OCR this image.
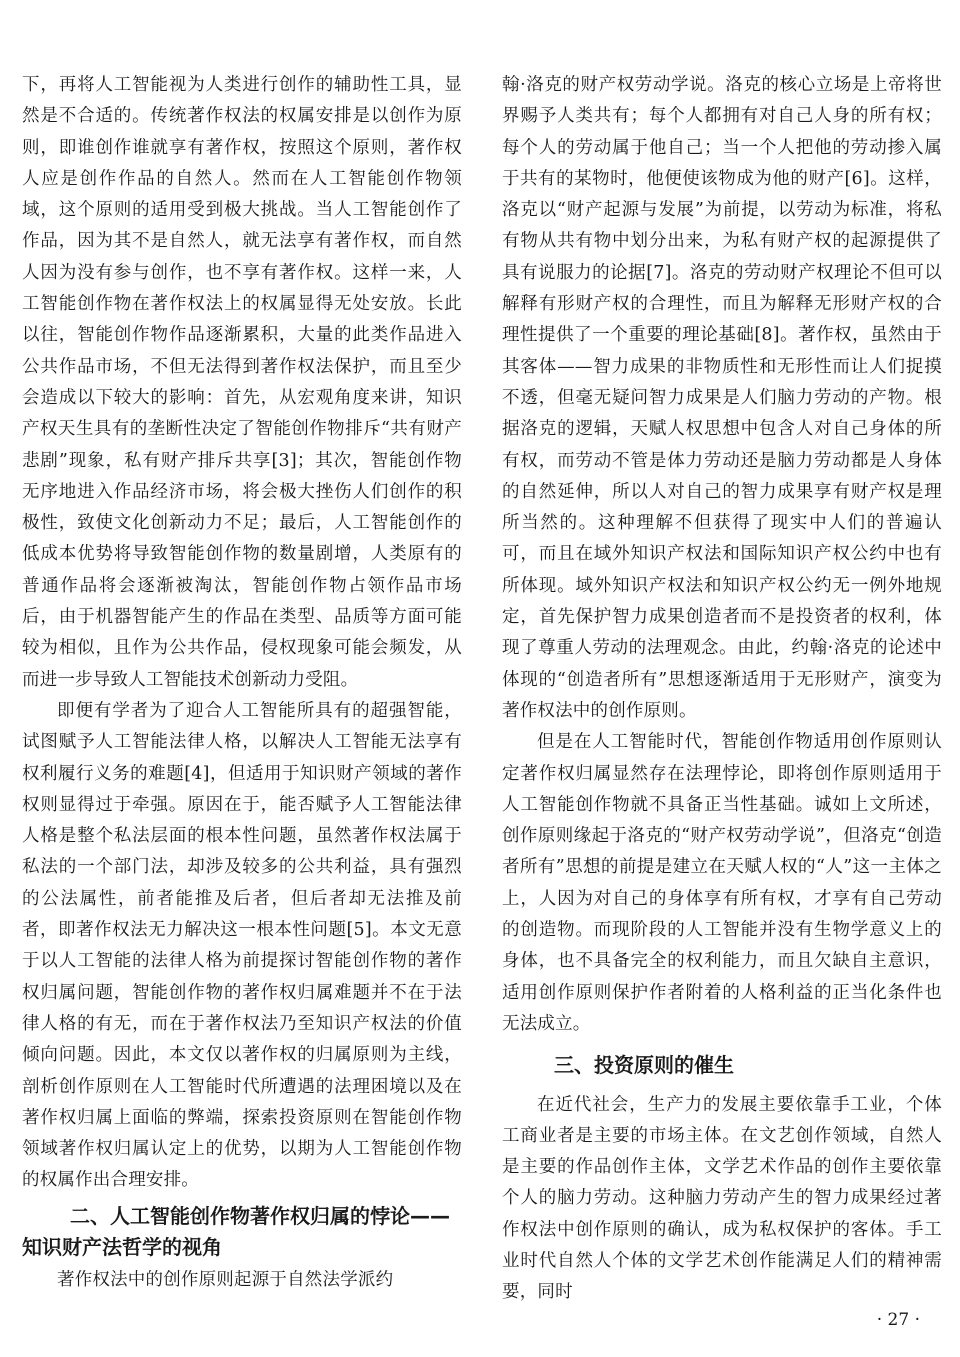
下，再将人工智能视为人类进行创作的辅助性工具，显然是不合适的。传统著作权法的权属安排是以创作为原则，即谁创作谁就享有著作权，按照这个原则，著作权人应是创作作品的自然人。然而在人工智能创作物领域，这个原则的适用受到极大挑战。当人工智能创作了作品，因为其不是自然人，就无法享有著作权，而自然人因为没有参与创作，也不享有著作权。这样一来，人工智能创作物在著作权法上的权属显得无处安放。长此以往，智能创作物作品逐渐累积，大量的此类作品进入公共作品市场，不但无法得到著作权法保护，而且至少会造成以下较大的影响：首先，从宏观角度来讲，知识产权天生具有的垄断性决定了智能创作物排斥“共有财产悲剧”现象，私有财产排斥共享[3]；其次，智能创作物无序地进入作品经济市场，将会极大挫伤人们创作的积极性，致使文化创新动力不足；最后，人工智能创作的低成本优势将导致智能创作物的数量剧增，人类原有的普通作品将会逐渐被淘汰，智能创作物占领作品市场后，由于机器智能产生的作品在类型、品质等方面可能较为相似，且作为公共作品，侵权现象可能会频发，从而进一步导致人工智能技术创新动力受阻。

即便有学者为了迎合人工智能所具有的超强智能，试图赋予人工智能法律人格，以解决人工智能无法享有权利履行义务的难题[4]，但适用于知识财产领域的著作权则显得过于牵强。原因在于，能否赋予人工智能法律人格是整个私法层面的根本性问题，虽然著作权法属于私法的一个部门法，却涉及较多的公共利益，具有强烈的公法属性，前者能推及后者，但后者却无法推及前者，即著作权法无力解决这一根本性问题[5]。本文无意于以人工智能的法律人格为前提探讨智能创作物的著作权归属问题，智能创作物的著作权归属难题并不在于法律人格的有无，而在于著作权法乃至知识产权法的价值倾向问题。因此，本文仅以著作权的归属原则为主线，剖析创作原则在人工智能时代所遭遇的法理困境以及在著作权归属上面临的弊端，探索投资原则在智能创作物领域著作权归属认定上的优势，以期为人工智能创作物的权属作出合理安排。

二、人工智能创作物著作权归属的悖论——知识财产法哲学的视角

著作权法中的创作原则起源于自然法学派约

翰·洛克的财产权劳动学说。洛克的核心立场是上帝将世界赐予人类共有；每个人都拥有对自己人身的所有权；每个人的劳动属于他自己；当一个人把他的劳动掺入属于共有的某物时，他便使该物成为他的财产[6]。这样，洛克以“财产起源与发展”为前提，以劳动为标准，将私有物从共有物中划分出来，为私有财产权的起源提供了具有说服力的论据[7]。洛克的劳动财产权理论不但可以解释有形财产权的合理性，而且为解释无形财产权的合理性提供了一个重要的理论基础[8]。著作权，虽然由于其客体——智力成果的非物质性和无形性而让人们捉摸不透，但毫无疑问智力成果是人们脑力劳动的产物。根据洛克的逻辑，天赋人权思想中包含人对自己身体的所有权，而劳动不管是体力劳动还是脑力劳动都是人身体的自然延伸，所以人对自己的智力成果享有财产权是理所当然的。这种理解不但获得了现实中人们的普遍认可，而且在域外知识产权法和国际知识产权公约中也有所体现。域外知识产权法和知识产权公约无一例外地规定，首先保护智力成果创造者而不是投资者的权利，体现了尊重人劳动的法理观念。由此，约翰·洛克的论述中体现的“创造者所有”思想逐渐适用于无形财产，演变为著作权法中的创作原则。

但是在人工智能时代，智能创作物适用创作原则认定著作权归属显然存在法理悖论，即将创作原则适用于人工智能创作物就不具备正当性基础。诚如上文所述，创作原则缘起于洛克的“财产权劳动学说”，但洛克“创造者所有”思想的前提是建立在天赋人权的“人”这一主体之上，人因为对自己的身体享有所有权，才享有自己劳动的创造物。而现阶段的人工智能并没有生物学意义上的身体，也不具备完全的权利能力，而且欠缺自主意识，适用创作原则保护作者附着的人格利益的正当化条件也无法成立。

三、投资原则的催生

在近代社会，生产力的发展主要依靠手工业，个体工商业者是主要的市场主体。在文艺创作领域，自然人是主要的作品创作主体，文学艺术作品的创作主要依靠个人的脑力劳动。这种脑力劳动产生的智力成果经过著作权法中创作原则的确认，成为私权保护的客体。手工业时代自然人个体的文学艺术创作能满足人们的精神需要，同时

· 27 ·
